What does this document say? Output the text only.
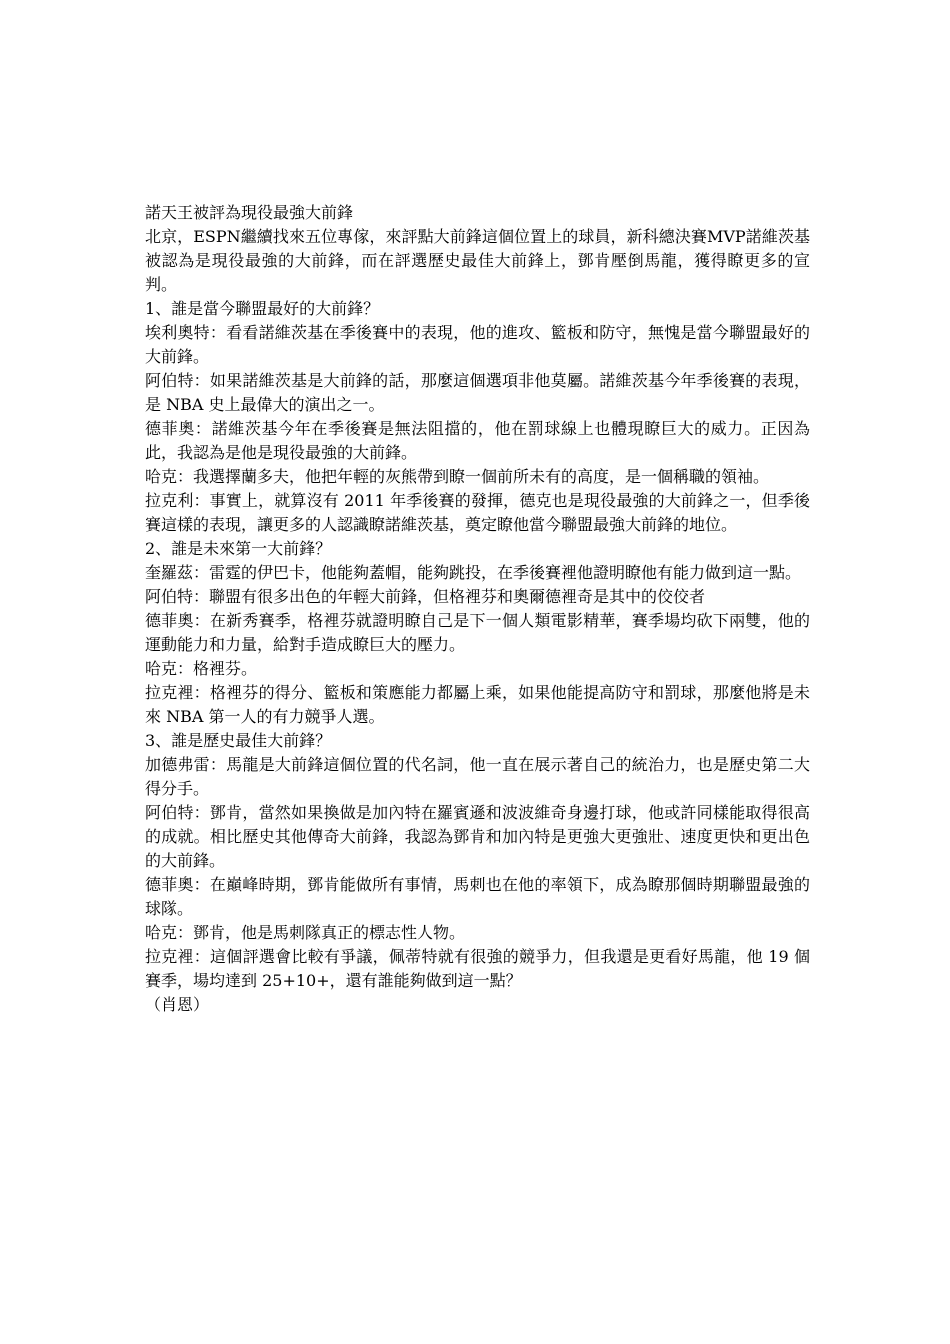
諾天王被評為現役最強大前鋒

北京，ESPN繼續找來五位專傢，來評點大前鋒這個位置上的球員，新科總決賽MVP諾維茨基被認為是現役最強的大前鋒，而在評選歷史最佳大前鋒上，鄧肯壓倒馬龍，獲得瞭更多的宣判。

1、誰是當今聯盟最好的大前鋒？

埃利奧特：看看諾維茨基在季後賽中的表現，他的進攻、籃板和防守，無愧是當今聯盟最好的大前鋒。

阿伯特：如果諾維茨基是大前鋒的話，那麼這個選項非他莫屬。諾維茨基今年季後賽的表現，是 NBA 史上最偉大的演出之一。

德菲奧：諾維茨基今年在季後賽是無法阻擋的，他在罰球線上也體現瞭巨大的威力。正因為此，我認為是他是現役最強的大前鋒。

哈克：我選擇蘭多夫，他把年輕的灰熊帶到瞭一個前所未有的高度，是一個稱職的領袖。

拉克利：事實上，就算沒有 2011 年季後賽的發揮，德克也是現役最強的大前鋒之一，但季後賽這樣的表現，讓更多的人認識瞭諾維茨基，奠定瞭他當今聯盟最強大前鋒的地位。

2、誰是未來第一大前鋒？

奎羅茲：雷霆的伊巴卡，他能夠蓋帽，能夠跳投，在季後賽裡他證明瞭他有能力做到這一點。

阿伯特：聯盟有很多出色的年輕大前鋒，但格裡芬和奧爾德裡奇是其中的佼佼者

德菲奧：在新秀賽季，格裡芬就證明瞭自己是下一個人類電影精華，賽季場均砍下兩雙，他的運動能力和力量，給對手造成瞭巨大的壓力。

哈克：格裡芬。

拉克裡：格裡芬的得分、籃板和策應能力都屬上乘，如果他能提高防守和罰球，那麼他將是未來 NBA 第一人的有力競爭人選。

3、誰是歷史最佳大前鋒？

加德弗雷：馬龍是大前鋒這個位置的代名詞，他一直在展示著自己的統治力，也是歷史第二大得分手。

阿伯特：鄧肯，當然如果換做是加內特在羅賓遜和波波維奇身邊打球，他或許同樣能取得很高的成就。相比歷史其他傳奇大前鋒，我認為鄧肯和加內特是更強大更強壯、速度更快和更出色的大前鋒。

德菲奧：在巔峰時期，鄧肯能做所有事情，馬刺也在他的率領下，成為瞭那個時期聯盟最強的球隊。

哈克：鄧肯，他是馬刺隊真正的標志性人物。

拉克裡：這個評選會比較有爭議，佩蒂特就有很強的競爭力，但我還是更看好馬龍，他 19 個賽季，場均達到 25+10+，還有誰能夠做到這一點？

（肖恩）
